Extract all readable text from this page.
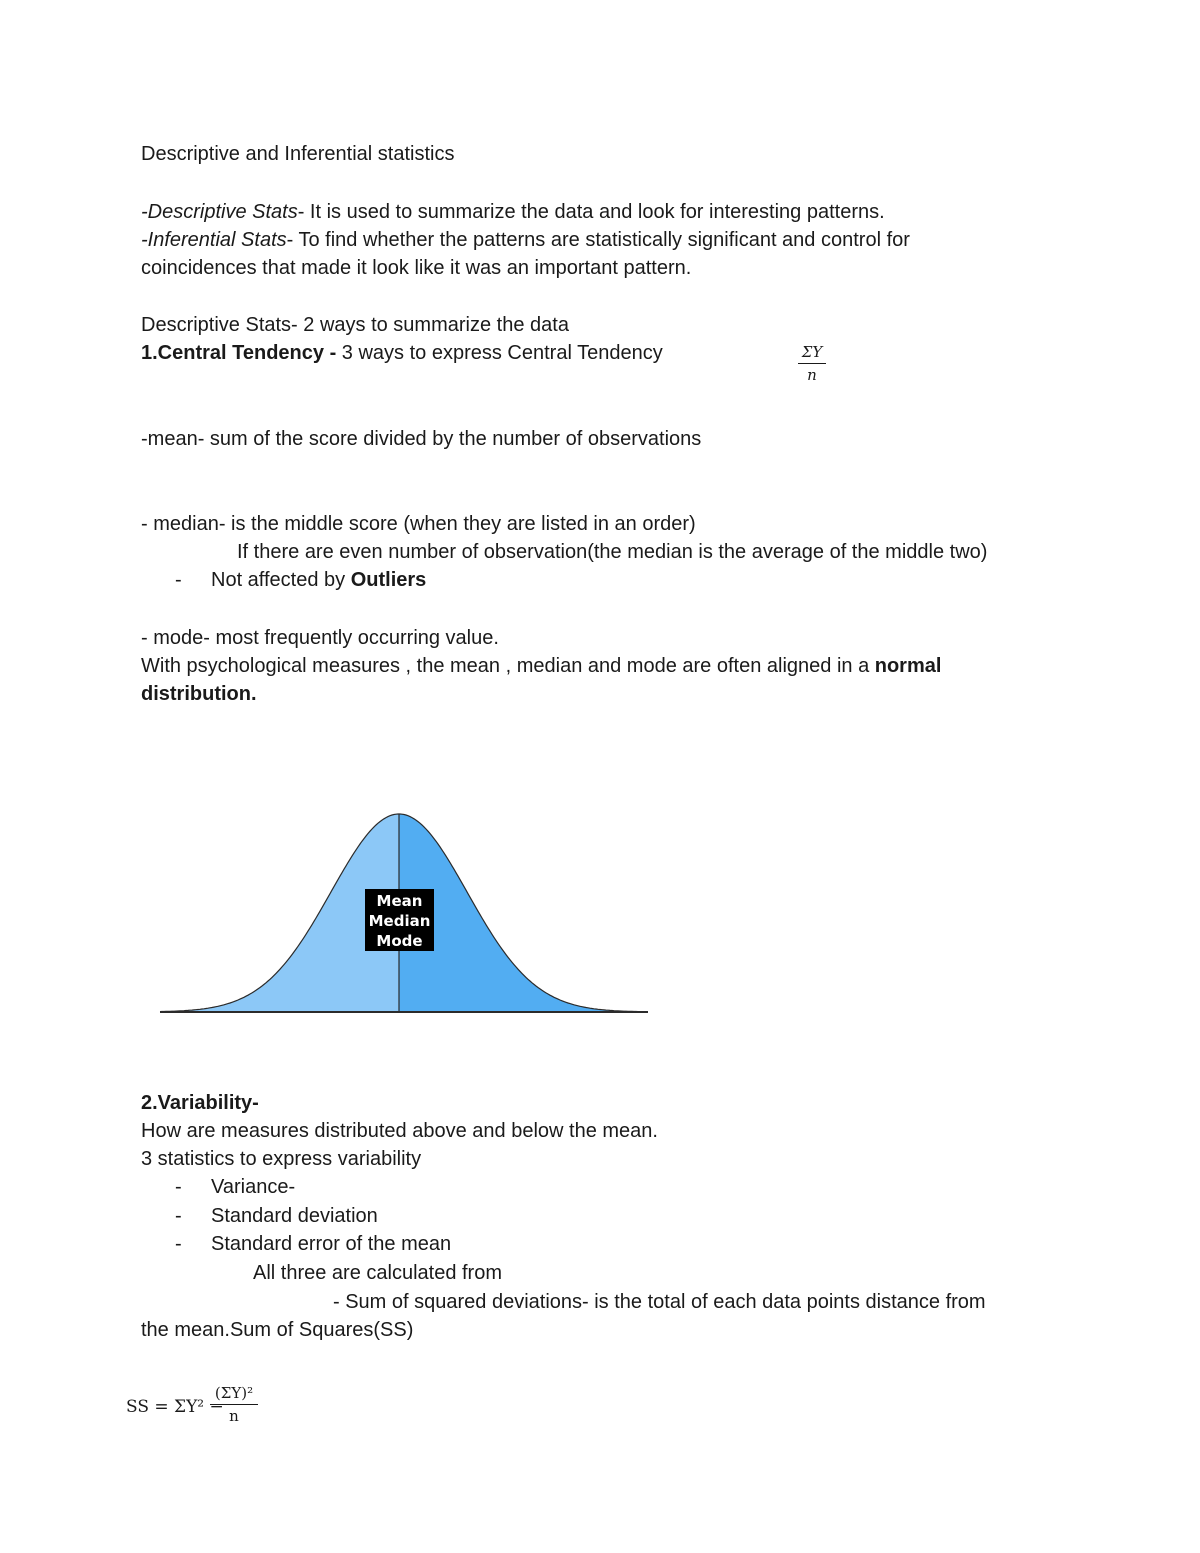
Descriptive and Inferential statistics
-Descriptive Stats- It is used to summarize the data and look for interesting patterns.
-Inferential Stats- To find whether the patterns are statistically significant and control for
coincidences that made it look like it was an important pattern.
Descriptive Stats- 2 ways to summarize the data
1.Central Tendency - 3 ways to express Central Tendency	ΣY
n
-mean- sum of the score divided by the number of observations
- median- is the middle score (when they are listed in an order)
If there are even number of observation(the median is the average of the middle two)
- Not affected by Outliers
- mode- most frequently occurring value.
With psychological measures , the mean , median and mode are often aligned in a normal
distribution.
Mean
Median
Mode
2.Variability-
How are measures distributed above and below the mean.
3 statistics to express variability
- Variance-
- Standard deviation
- Standard error of the mean
All three are calculated from
- Sum of squared deviations- is the total of each data points distance from
the mean.Sum of Squares(SS)
SS = ΣY² −
(ΣY)²
n
